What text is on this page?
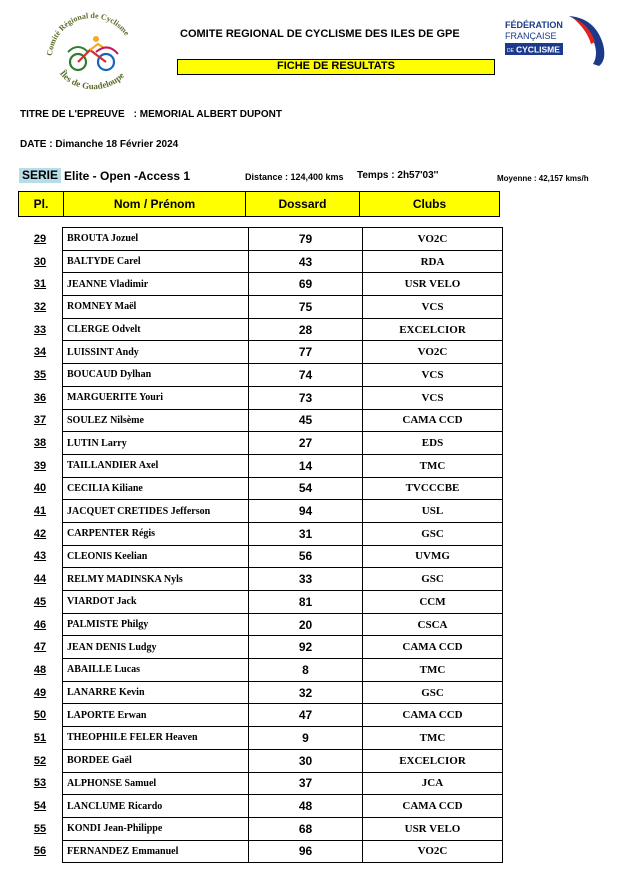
Comité Régional de Cyclisme
Îles de Guadeloupe
FÉDÉRATION
FRANÇAISE
DE CYCLISME
COMITE REGIONAL DE CYCLISME DES ILES DE GPE
FICHE DE RESULTATS
TITRE DE L'EPREUVE : MEMORIAL ALBERT DUPONT
DATE : Dimanche 18 Février 2024
SERIE Elite - Open -Access 1	Distance : 124,400 kms Temps : 2h57'03''	Moyenne : 42,157 kms/h
Pl.	Nom / Prénom	Dossard	Clubs
29	BROUTA Jozuel	79	VO2C
30	BALTYDE Carel	43	RDA
31	JEANNE Vladimir	69	USR VELO
32	ROMNEY Maël	75	VCS
33	CLERGE Odvelt	28	EXCELCIOR
34	LUISSINT Andy	77	VO2C
35	BOUCAUD Dylhan	74	VCS
36	MARGUERITE Youri	73	VCS
37	SOULEZ Nilsème	45	CAMA CCD
38	LUTIN Larry	27	EDS
39	TAILLANDIER Axel	14	TMC
40	CECILIA Kiliane	54	TVCCCBE
41	JACQUET CRETIDES Jefferson	94	USL
42	CARPENTER Régis	31	GSC
43	CLEONIS Keelian	56	UVMG
44	RELMY MADINSKA Nyls	33	GSC
45	VIARDOT Jack	81	CCM
46	PALMISTE Philgy	20	CSCA
47	JEAN DENIS Ludgy	92	CAMA CCD
48	ABAILLE Lucas	8	TMC
49	LANARRE Kevin	32	GSC
50	LAPORTE Erwan	47	CAMA CCD
51	THEOPHILE FELER Heaven	9	TMC
52	BORDEE Gaël	30	EXCELCIOR
53	ALPHONSE Samuel	37	JCA
54	LANCLUME Ricardo	48	CAMA CCD
55	KONDI Jean-Philippe	68	USR VELO
56	FERNANDEZ Emmanuel	96	VO2C
